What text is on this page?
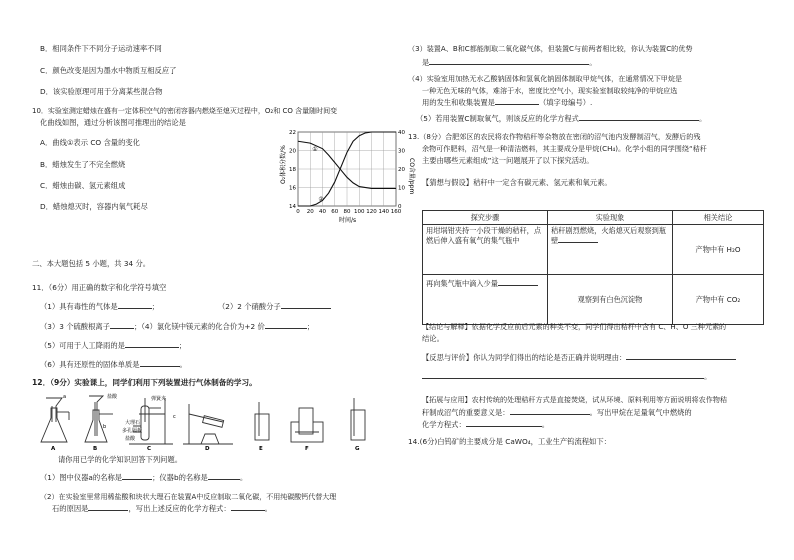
B．相同条件下不同分子运动速率不同
C．颜色改变是因为墨水中物质互相反应了
D．该实验原理可用于分离某些混合物
10．实验室测定蜡烛在盛有一定体积空气的密闭容器内燃烧至熄灭过程中，O₂和 CO 含量随时间变
化曲线如图，通过分析该图可推理出的结论是
A．曲线①表示 CO 含量的变化
B．蜡烛发生了不完全燃烧
C．蜡烛由碳、氢元素组成
D．蜡烛熄灭时，容器内氧气耗尽
0 20 40 60 80 100 120 140 160
14
16
18
20
22
0
10
20
30
40
①
②
O₂体积分数/%	CO含量/ppm
时间/s
二、本大题包括 5 小题，共 34 分。
11．（6分）用正确的数字和化学符号填空
（1）具有毒性的气体是	；	（2）2 个硝酸分子
（3）3 个硫酸根离子	；（4）氯化镁中镁元素的化合价为+2 价	；
（5）可用于人工降雨的是	；
（6）具有还原性的固体单质是	。
12．（9分）实验课上，同学们利用下列装置进行气体制备的学习。
a	盐酸
b
弹簧夹
大理石
多孔隔板
盐酸
c
A	B	C	D	E	F	G
请你用已学的化学知识回答下列问题。
（1）图中仪器a的名称是	；仪器b的名称是	。
（2）在实验室里常用稀盐酸和块状大理石在装置A中反应制取二氧化碳，不用纯碳酸钙代替大理
石的原因是	，写出上述反应的化学方程式：	。
（3）装置A、B和C都能制取二氧化碳气体，但装置C与前两者相比较，你认为装置C的优势
是	。
（4）实验室用加热无水乙酸钠固体和氢氧化钠固体制取甲烷气体，在通常情况下甲烷是
一种无色无味的气体，难溶于水，密度比空气小，现实验室制取较纯净的甲烷应选
用的发生和收集装置是	（填字母编号）.
（5）若用装置C制取氧气，则该反应的化学方程式	。
13.（8分）合肥郊区的农民将农作物秸秆等杂物放在密闭的沼气池内发酵制沼气，发酵后的残
余物可作肥料，沼气是一种清洁燃料，其主要成分是甲烷(CH₄)。化学小组的同学围绕“秸秆
主要由哪些元素组成”这一问题展开了以下探究活动。
【猜想与假设】秸秆中一定含有碳元素、氢元素和氧元素。
探究步骤	实验现象	相关结论
用坩埚钳夹持一小段干燥的秸秆，点燃后伸入盛有氧气的集气瓶中	秸秆剧烈燃烧，火焰熄灭后观察到瓶壁	产物中有 H₂O
再向集气瓶中滴入少量	观察到有白色沉淀物	产物中有 CO₂
【结论与解释】依据化学反应前后元素的种类不变，同学们得出秸秆中含有 C、H、O 三种元素的
结论。
【反思与评价】你认为同学们得出的结论是否正确并说明理由：
。
【拓展与应用】农村传统的处理秸秆方式是直接焚烧，试从环境、原料利用等方面说明将农作物秸
秆制成沼气的重要意义是：	。写出甲烷在足量氧气中燃烧的
化学方程式：	。
14.(6分)白钨矿的主要成分是 CaWO₄，工业生产钨流程如下：
